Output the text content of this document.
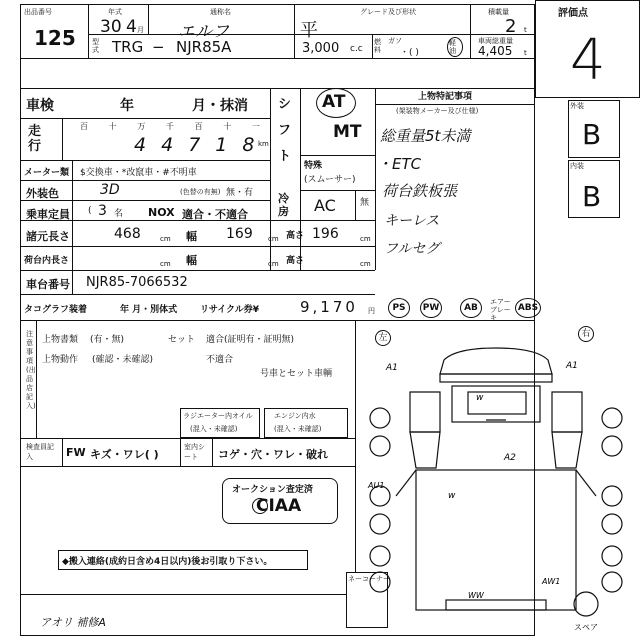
評価点
4
外装
B
内装
B
出品番号
125
年式
30 4 月
通称名
エルフ
グレード及び形状
平
積載量
2 t
型式 TRG − NJR85A	3,000 c.c
燃料
ガソ
・( )
軽油
車両総重量
4,405 t
車検	年	月・抹消 シフト
AT
MT
上物特記事項
(架装物メーカー及び仕様)
総重量5t未満
・ETC
荷台鉄板張
キーレス
フルセグ
走行
百	十	万	千	百	十	一
4 4 7 1 8 km
メーター類 $交換車・*改竄車・#不明車
特殊
(スムーサー)
外装色	3D	(色替の有無) 無・有 冷房 AC	無
乗車定員 ( 3 名 NOX 適合・不適合
諸元長さ	468	cm 幅 169 cm 高さ 196	cm
荷台内長さ	cm 幅	cm 高さ	cm
車台番号 NJR85-7066532
タコグラフ装着	年 月・別体式	リサイクル券¥	9,170 円	PS	PW	AB
エアーブレーキ
ABS
注意事項(出品店記入)
上物書類 (有・無)	セット 適合(証明有・証明無)
上物動作 (確認・未確認)	不適合
号車とセット車輌
ラジエーター内オイル
(混入・未確認)
エンジン内水
(混入・未確認)
検査員記入	FW キズ・ワレ( )
室内シート	コゲ・穴・ワレ・破れ
オークション査定済
CIAA
◆搬入連絡(成約日含め4日以内)後お引取り下さい。
ネーコーナー
アオリ 補修A
左	右
A1	A1
w
A2
AU1
w
WW
AW1
スペア
